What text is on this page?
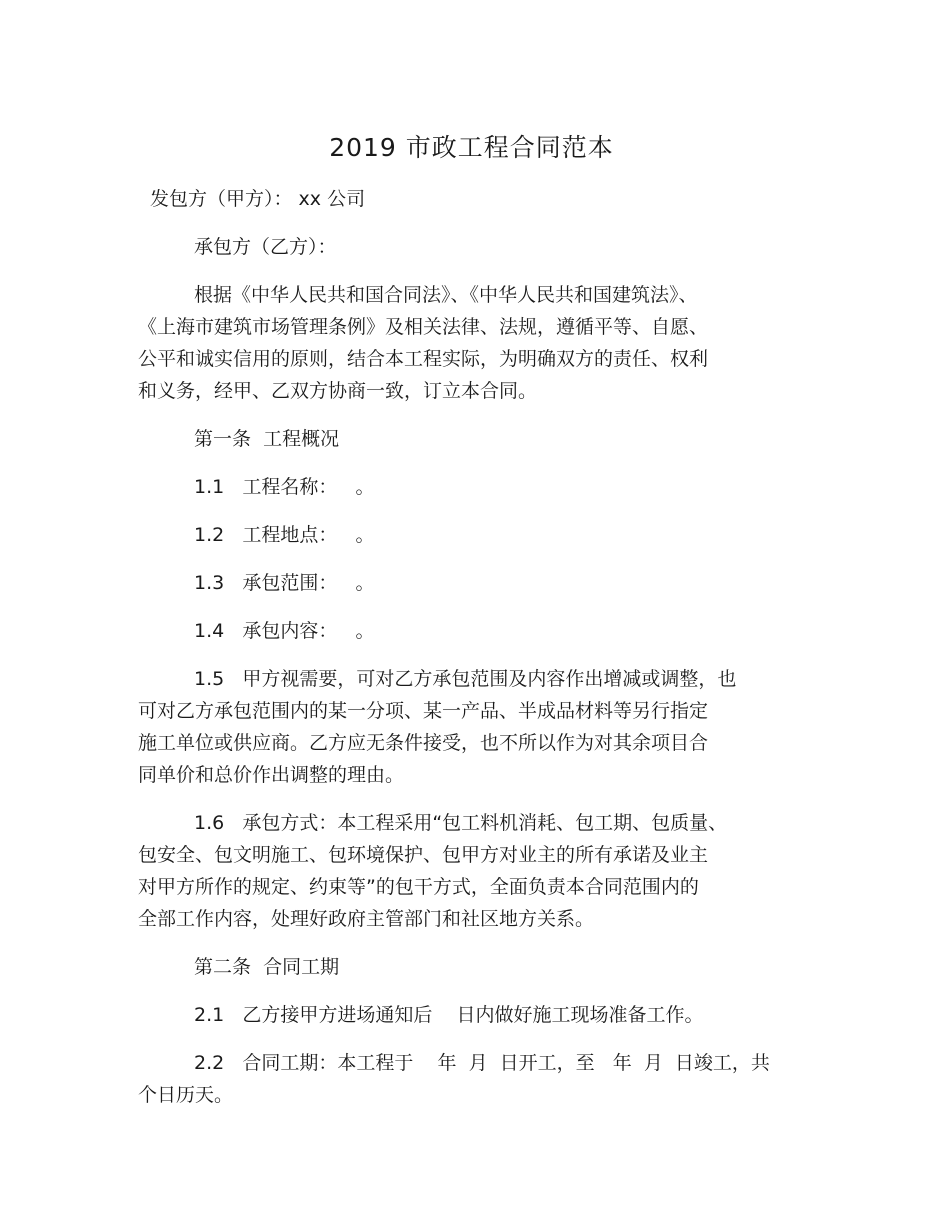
2019 市政工程合同范本
发包方（甲方）： xx 公司
承包方（乙方）：
根据《中华人民共和国合同法》、《中华人民共和国建筑法》、
《上海市建筑市场管理条例》及相关法律、法规，遵循平等、自愿、
公平和诚实信用的原则，结合本工程实际，为明确双方的责任、权利
和义务，经甲、乙双方协商一致，订立本合同。
第一条  工程概况
1.1   工程名称：   。
1.2   工程地点：   。
1.3   承包范围：   。
1.4   承包内容：   。
1.5   甲方视需要，可对乙方承包范围及内容作出增减或调整，也
可对乙方承包范围内的某一分项、某一产品、半成品材料等另行指定
施工单位或供应商。乙方应无条件接受，也不所以作为对其余项目合
同单价和总价作出调整的理由。
1.6   承包方式：本工程采用“包工料机消耗、包工期、包质量、
包安全、包文明施工、包环境保护、包甲方对业主的所有承诺及业主
对甲方所作的规定、约束等”的包干方式，全面负责本合同范围内的
全部工作内容，处理好政府主管部门和社区地方关系。
第二条  合同工期
2.1   乙方接甲方进场通知后    日内做好施工现场准备工作。
2.2   合同工期：本工程于    年  月  日开工，至   年  月  日竣工，共
个日历天。
